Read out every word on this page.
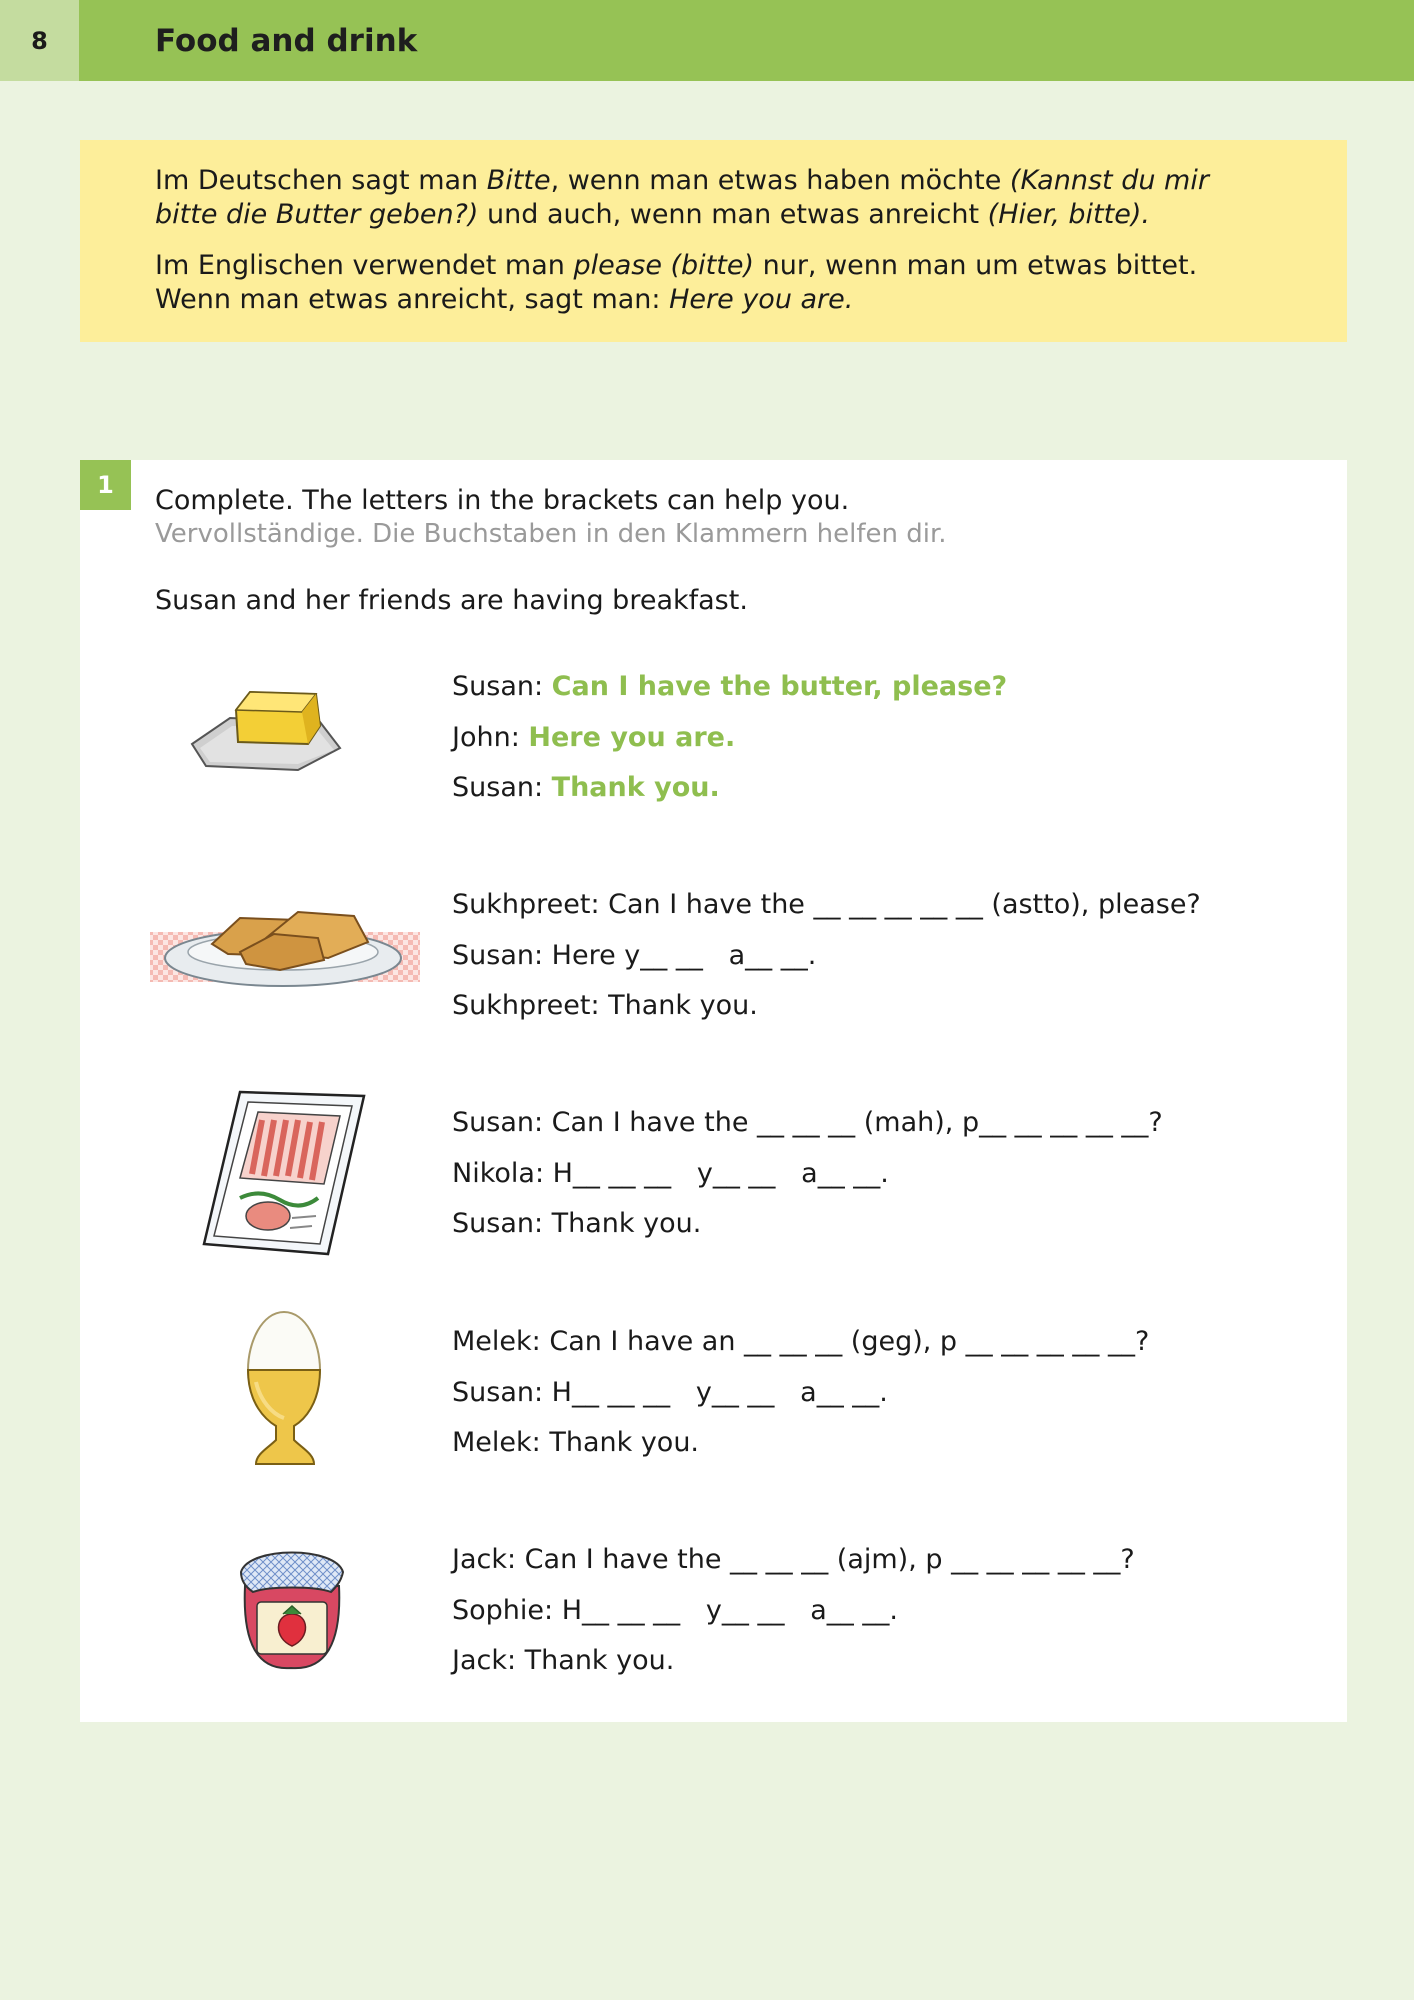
8	Food and drink

Im Deutschen sagt man Bitte, wenn man etwas haben möchte (Kannst du mir bitte die Butter geben?) und auch, wenn man etwas anreicht (Hier, bitte).

Im Englischen verwendet man please (bitte) nur, wenn man um etwas bittet. Wenn man etwas anreicht, sagt man: Here you are.

1	Complete. The letters in the brackets can help you.
Vervollständige. Die Buchstaben in den Klammern helfen dir.
Susan and her friends are having breakfast.
Susan: Can I have the butter, please?
John: Here you are.
Susan: Thank you.
Sukhpreet: Can I have the __ __ __ __ __ (astto), please?
Susan: Here y__ __   a__ __.
Sukhpreet: Thank you.
Susan: Can I have the __ __ __ (mah), p__ __ __ __ __?
Nikola: H__ __ __   y__ __   a__ __.
Susan: Thank you.
Melek: Can I have an __ __ __ (geg), p __ __ __ __ __?
Susan: H__ __ __   y__ __   a__ __.
Melek: Thank you.
Jack: Can I have the __ __ __ (ajm), p __ __ __ __ __?
Sophie: H__ __ __   y__ __   a__ __.
Jack: Thank you.
